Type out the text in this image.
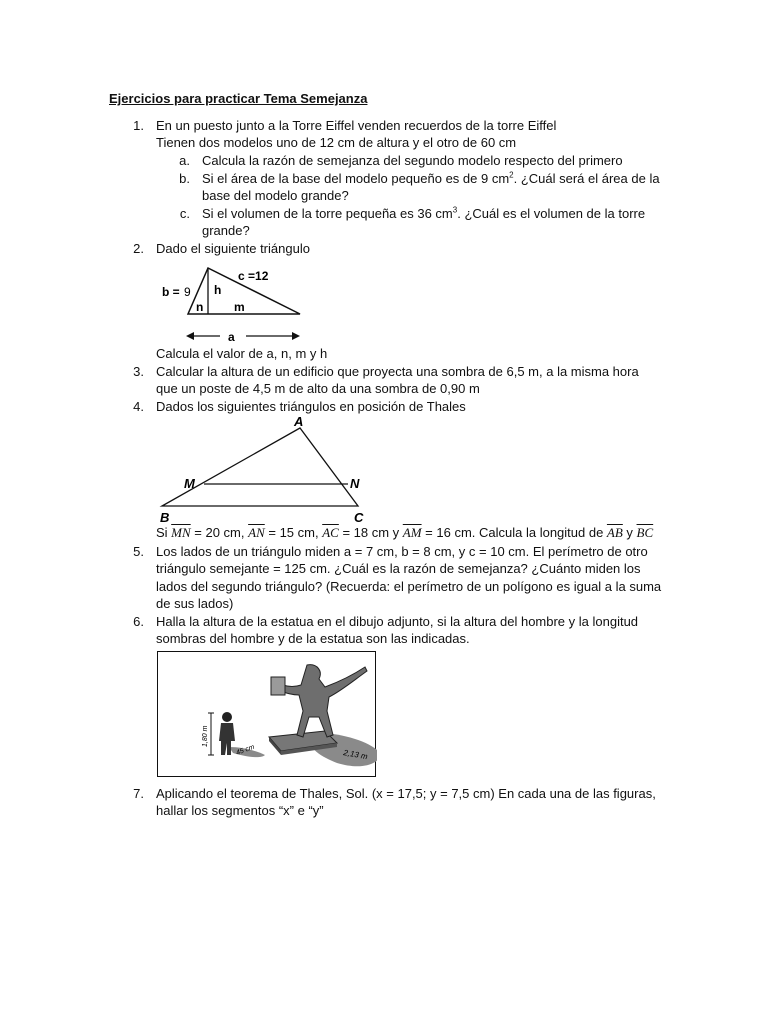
Ejercicios para practicar Tema Semejanza
1. En un puesto junto a la Torre Eiffel venden recuerdos de la torre Eiffel
Tienen dos modelos uno de 12 cm de altura y el otro de 60 cm
a. Calcula la razón de semejanza del segundo modelo respecto del primero
b. Si el área de la base del modelo pequeño es de 9 $cm^2$. ¿Cuál será el área de la
base del modelo grande?
c. Si el volumen de la torre pequeña es 36 $cm^3$. ¿Cuál es el volumen de la torre
grande?
2. Dado el siguiente triángulo
b = 9
c =12
h
n	m
a
Calcula el valor de a, n, m y h
3. Calcular la altura de un edificio que proyecta una sombra de 6,5 m, a la misma hora
que un poste de 4,5 m de alto da una sombra de 0,90 m
4. Dados los siguientes triángulos en posición de Thales
A
B	C
M	N
Si $\overline{MN} = 20$ cm, $\overline{AN} = 15$ cm, $\overline{AC} = 18$ cm y $\overline{AM} = 16$ cm. Calcula la longitud de $\overline{AB}$ y $\overline{BC}$
5. Los lados de un triángulo miden a = 7 cm, b = 8 cm, y c = 10 cm. El perímetro de otro
triángulo semejante = 125 cm. ¿Cuál es la razón de semejanza? ¿Cuánto miden los
lados del segundo triángulo? (Recuerda: el perímetro de un polígono es igual a la suma
de sus lados)
6. Halla la altura de la estatua en el dibujo adjunto, si la altura del hombre y la longitud
sombras del hombre y de la estatua son las indicadas.
1,80 m
45 cm	2,13 m
7. Aplicando el teorema de Thales, Sol. (x = 17,5; y = 7,5 cm) En cada una de las figuras,
hallar los segmentos “x” e “y”
